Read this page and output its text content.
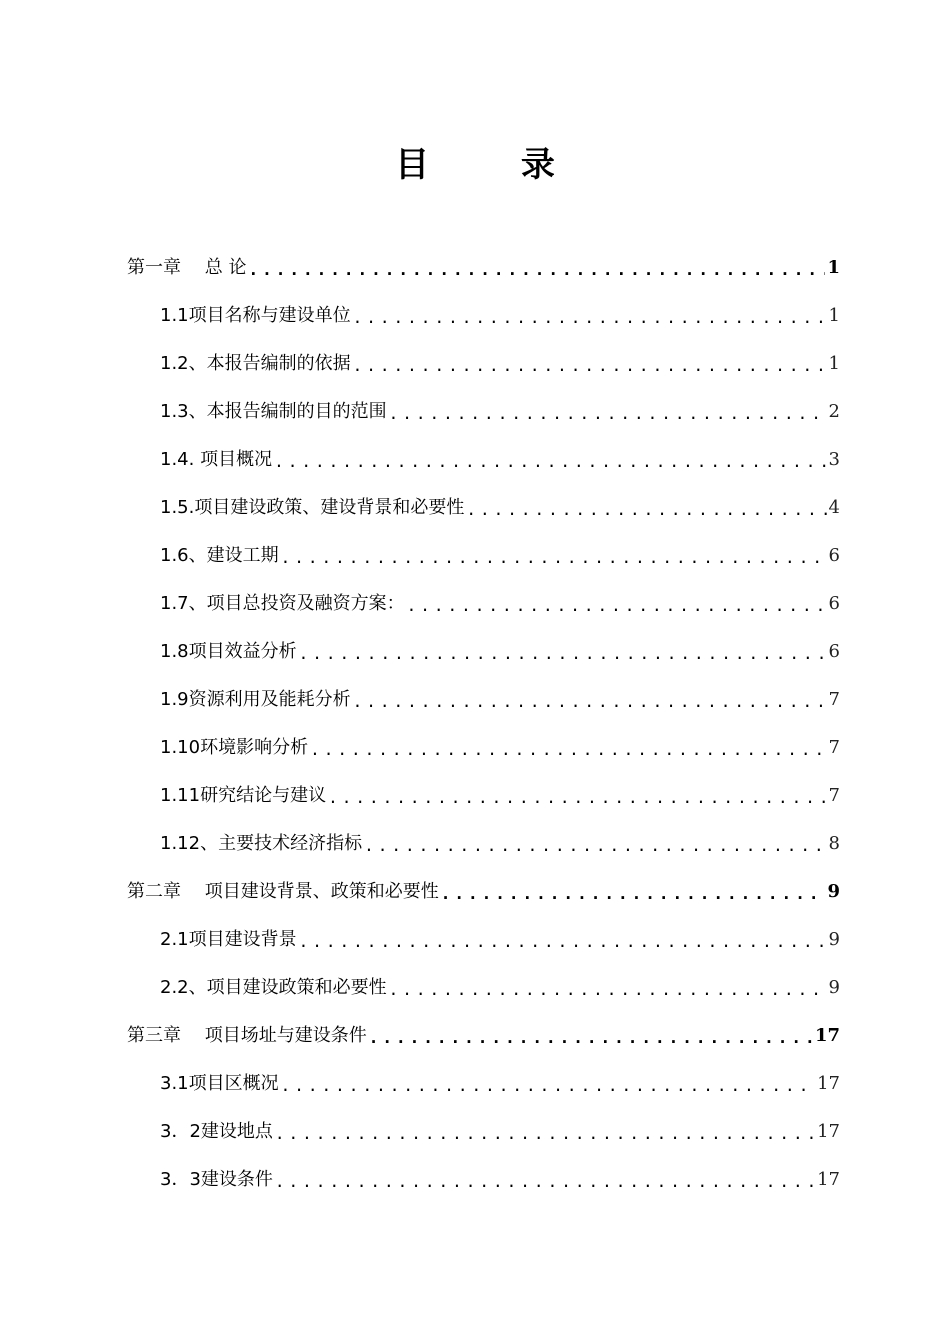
目 录
第一章　 总 论 .....	1
1.1项目名称与建设单位 .....	1
1.2、本报告编制的依据 .....	1
1.3、本报告编制的目的范围 .....	2
1.4. 项目概况 .....	3
1.5.项目建设政策、建设背景和必要性 .....	4
1.6、建设工期 .....	6
1.7、项目总投资及融资方案： .....	6
1.8项目效益分析 .....	6
1.9资源利用及能耗分析 .....	7
1.10环境影响分析 .....	7
1.11研究结论与建议 .....	7
1.12、主要技术经济指标 .....	8
第二章　 项目建设背景、政策和必要性 .....	9
2.1项目建设背景 .....	9
2.2、项目建设政策和必要性 .....	9
第三章　 项目场址与建设条件 .....	17
3.1项目区概况 .....	17
3．2建设地点 .....	17
3．3建设条件 .....	17
